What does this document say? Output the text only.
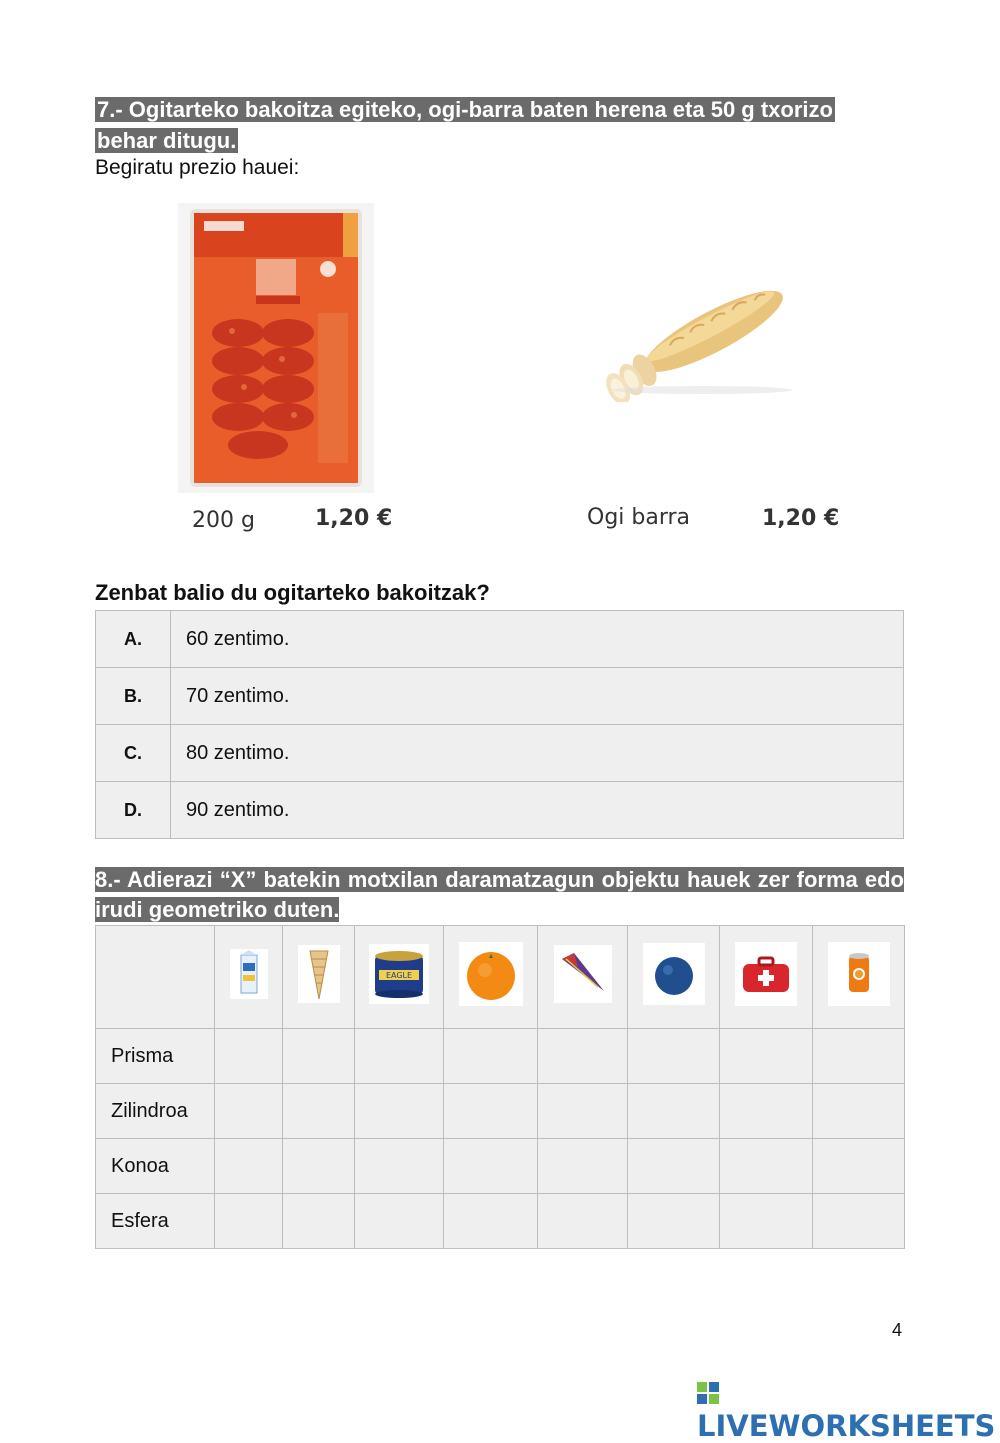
7.- Ogitarteko bakoitza egiteko, ogi-barra baten herena eta 50 g txorizo behar ditugu.
Begiratu prezio hauei:
200 g	1,20 €	Ogi barra	1,20 €
Zenbat balio du ogitarteko bakoitzak?
A.	60 zentimo.
B.	70 zentimo.
C.	80 zentimo.
D.	90 zentimo.
8.- Adierazi “X” batekin motxilan daramatzagun objektu hauek zer forma edo irudi geometriko duten.

EAGLE

Prisma								
Zilindroa								
Konoa								
Esfera								
4
LIVEWORKSHEETS
